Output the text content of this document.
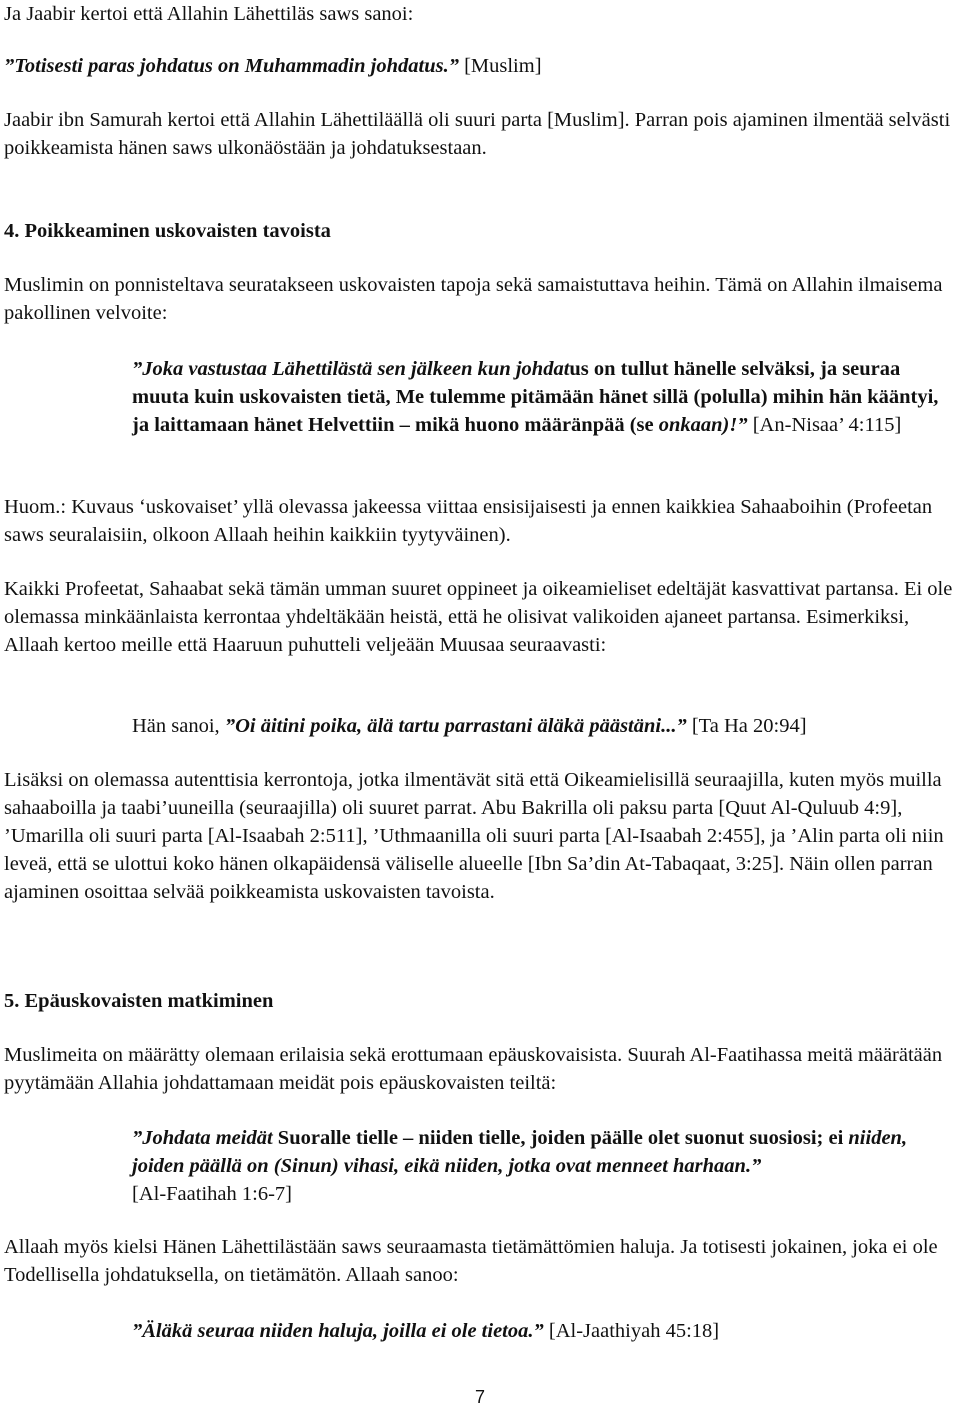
Ja Jaabir kertoi että Allahin Lähettiläs saws sanoi:

”Totisesti paras johdatus on Muhammadin johdatus.” [Muslim]

Jaabir ibn Samurah kertoi että Allahin Lähettiläällä oli suuri parta [Muslim]. Parran pois ajaminen ilmentää selvästi poikkeamista hänen saws ulkonäöstään ja johdatuksestaan.

4. Poikkeaminen uskovaisten tavoista

Muslimin on ponnisteltava seuratakseen uskovaisten tapoja sekä samaistuttava heihin. Tämä on Allahin ilmaisema pakollinen velvoite:

”Joka vastustaa Lähettilästä sen jälkeen kun johdatus on tullut hänelle selväksi, ja seuraa muuta kuin uskovaisten tietä, Me tulemme pitämään hänet sillä (polulla) mihin hän kääntyi, ja laittamaan hänet Helvettiin – mikä huono määränpää (se onkaan)!” [An-Nisaa’ 4:115]

Huom.: Kuvaus ‘uskovaiset’ yllä olevassa jakeessa viittaa ensisijaisesti ja ennen kaikkiea Sahaaboihin (Profeetan saws seuralaisiin, olkoon Allaah heihin kaikkiin tyytyväinen).

Kaikki Profeetat, Sahaabat sekä tämän umman suuret oppineet ja oikeamieliset edeltäjät kasvattivat partansa. Ei ole olemassa minkäänlaista kerrontaa yhdeltäkään heistä, että he olisivat valikoiden ajaneet partansa. Esimerkiksi, Allaah kertoo meille että Haaruun puhutteli veljeään Muusaa seuraavasti:

Hän sanoi, ”Oi äitini poika, älä tartu parrastani äläkä päästäni...” [Ta Ha 20:94]

Lisäksi on olemassa autenttisia kerrontoja, jotka ilmentävät sitä että Oikeamielisillä seuraajilla, kuten myös muilla sahaaboilla ja taabi’uuneilla (seuraajilla) oli suuret parrat. Abu Bakrilla oli paksu parta [Quut Al-Quluub 4:9], ’Umarilla oli suuri parta [Al-Isaabah 2:511], ’Uthmaanilla oli suuri parta [Al-Isaabah 2:455], ja ’Alin parta oli niin leveä, että se ulottui koko hänen olkapäidensä väliselle alueelle [Ibn Sa’din At-Tabaqaat, 3:25]. Näin ollen parran ajaminen osoittaa selvää poikkeamista uskovaisten tavoista.

5. Epäuskovaisten matkiminen

Muslimeita on määrätty olemaan erilaisia sekä erottumaan epäuskovaisista. Suurah Al-Faatihassa meitä määrätään pyytämään Allahia johdattamaan meidät pois epäuskovaisten teiltä:

”Johdata meidät Suoralle tielle – niiden tielle, joiden päälle olet suonut suosiosi; ei niiden, joiden päällä on (Sinun) vihasi, eikä niiden, jotka ovat menneet harhaan.”
[Al-Faatihah 1:6-7]

Allaah myös kielsi Hänen Lähettilästään saws seuraamasta tietämättömien haluja. Ja totisesti jokainen, joka ei ole Todellisella johdatuksella, on tietämätön. Allaah sanoo:

”Äläkä seuraa niiden haluja, joilla ei ole tietoa.” [Al-Jaathiyah 45:18]

7
